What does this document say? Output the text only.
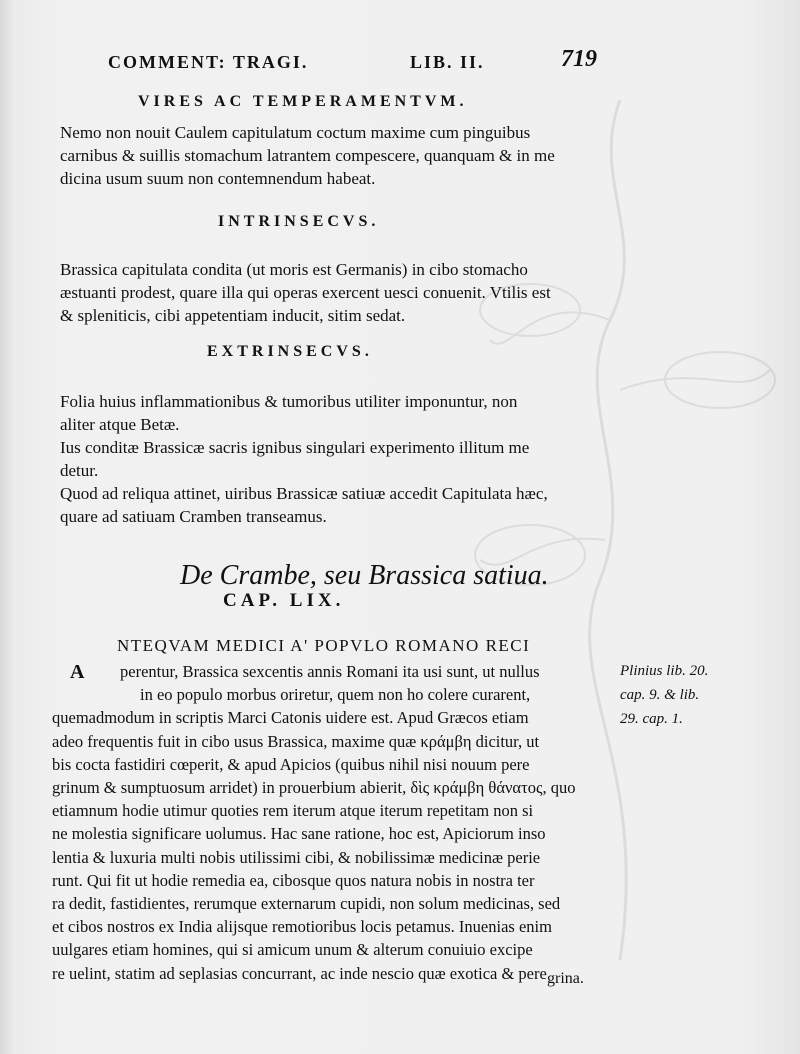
COMMENT: TRAGI.	LIB. II.	719
VIRES AC TEMPERAMENTVM.
Nemo non nouit Caulem capitulatum coctum maxime cum pinguibus
carnibus & suillis stomachum latrantem compescere, quanquam & in me
dicina usum suum non contemnendum habeat.
INTRINSECVS.
Brassica capitulata condita (ut moris est Germanis) in cibo stomacho
æstuanti prodest, quare illa qui operas exercent uesci conuenit. Vtilis est
& spleniticis, cibi appetentiam inducit, sitim sedat.
EXTRINSECVS.
Folia huius inflammationibus & tumoribus utiliter imponuntur, non
aliter atque Betæ.
Ius conditæ Brassicæ sacris ignibus singulari experimento illitum me
detur.
Quod ad reliqua attinet, uiribus Brassicæ satiuæ accedit Capitulata hæc,
quare ad satiuam Cramben transeamus.
De Crambe, seu Brassica satiua.
CAP. LIX.
NTEQVAM MEDICI A' POPVLO ROMANO RECI
A	Plinius lib. 20.
cap. 9. & lib.
29. cap. 1.
perentur, Brassica sexcentis annis Romani ita usi sunt, ut nullus
in eo populo morbus oriretur, quem non ho colere curarent,
quemadmodum in scriptis Marci Catonis uidere est. Apud Græcos etiam
adeo frequentis fuit in cibo usus Brassica, maxime quæ κράμβη dicitur, ut
bis cocta fastidiri cœperit, & apud Apicios (quibus nihil nisi nouum pere
grinum & sumptuosum arridet) in prouerbium abierit, δὶς κράμβη θάνατος, quo
etiamnum hodie utimur quoties rem iterum atque iterum repetitam non si
ne molestia significare uolumus. Hac sane ratione, hoc est, Apiciorum inso
lentia & luxuria multi nobis utilissimi cibi, & nobilissimæ medicinæ perie
runt. Qui fit ut hodie remedia ea, cibosque quos natura nobis in nostra ter
ra dedit, fastidientes, rerumque externarum cupidi, non solum medicinas, sed
et cibos nostros ex India alijsque remotioribus locis petamus. Inuenias enim
uulgares etiam homines, qui si amicum unum & alterum conuiuio excipe
re uelint, statim ad seplasias concurrant, ac inde nescio quæ exotica & pere grina.
